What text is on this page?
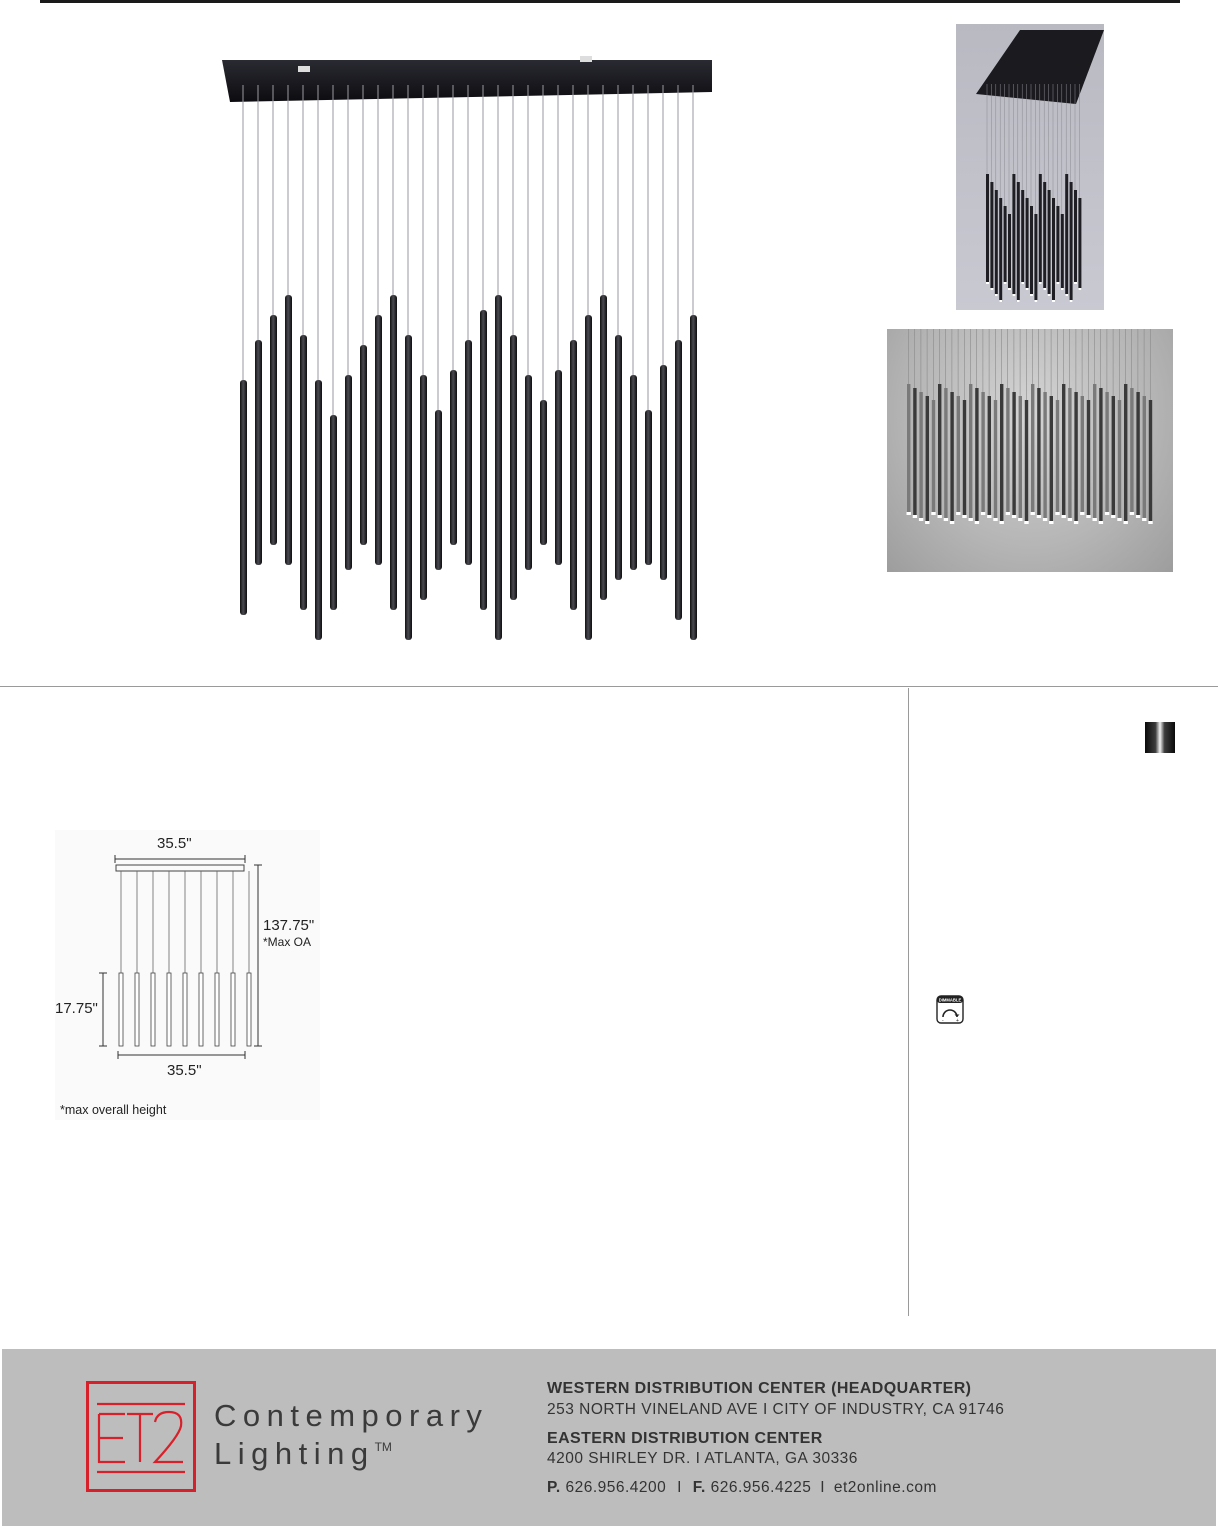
35.5"
137.75"
*Max OA
17.75"
35.5"
*max overall height
DIMMABLE
- +
Contemporary
Lighting™
WESTERN DISTRIBUTION CENTER (HEADQUARTER)
253 NORTH VINELAND AVE I CITY OF INDUSTRY, CA 91746
EASTERN DISTRIBUTION CENTER
4200 SHIRLEY DR. I ATLANTA, GA 30336
P. 626.956.4200 I F. 626.956.4225 I et2online.com
